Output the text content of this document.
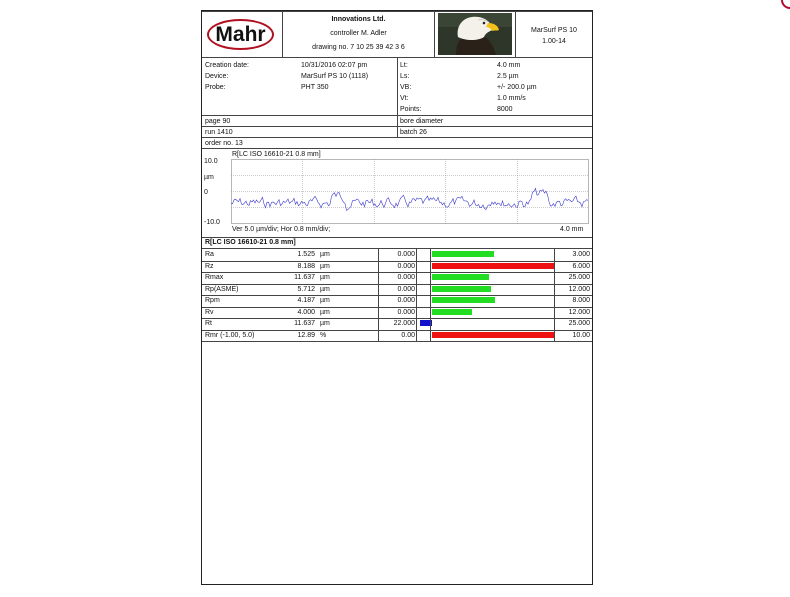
Mahr
Innovations Ltd.
controller M. Adler
drawing no. 7 10 25 39 42 3 6
MarSurf PS 10
1.00-14
Creation date:	10/31/2016 02:07 pm
Device:	MarSurf PS 10 (1118)
Probe:	PHT 350
Lt:	4.0 mm
Ls:	2.5 µm
VB:	+/- 200.0 µm
Vt:	1.0 mm/s
Points:	8000
page 90	bore diameter
run 1410	batch 26
order no. 13
R[LC ISO 16610-21 0.8 mm]
10.0
µm
0
-10.0
Ver 5.0 µm/div; Hor 0.8 mm/div;	4.0 mm
R[LC ISO 16610-21 0.8 mm]
Ra	1.525 µm	0.000	3.000
Rz	8.188 µm	0.000	6.000
Rmax	11.637 µm	0.000	25.000
Rp(ASME)	5.712 µm	0.000	12.000
Rpm	4.187 µm	0.000	8.000
Rv	4.000 µm	0.000	12.000
Rt	11.637 µm	22.000	25.000
Rmr (-1.00, 5.0)	12.89 %	0.00	10.00
